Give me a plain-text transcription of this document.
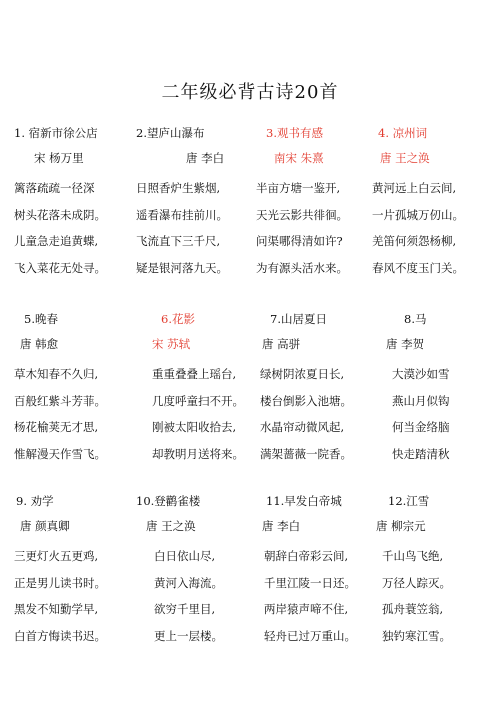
二年级必背古诗20首
1. 宿新市徐公店
宋 杨万里
篱落疏疏一径深
树头花落未成阴。
儿童急走追黄蝶,
飞入菜花无处寻。
2.望庐山瀑布
唐 李白
日照香炉生紫烟,
遥看瀑布挂前川。
飞流直下三千尺,
疑是银河落九天。
3.观书有感
南宋 朱熹
半亩方塘一鉴开,
天光云影共徘徊。
问渠哪得清如许?
为有源头活水来。
4. 凉州词
唐 王之涣
黄河远上白云间,
一片孤城万仞山。
羌笛何须怨杨柳,
春风不度玉门关。
5.晚春
唐 韩愈
草木知春不久归,
百般红紫斗芳菲。
杨花榆荚无才思,
惟解漫天作雪飞。
6.花影
宋 苏轼
重重叠叠上瑶台,
几度呼童扫不开。
刚被太阳收拾去,
却教明月送将来。
7.山居夏日
唐 高骈
绿树阴浓夏日长,
楼台倒影入池塘。
水晶帘动微风起,
满架蔷薇一院香。
8.马
唐 李贺
大漠沙如雪
燕山月似钩
何当金络脑
快走踏清秋
9. 劝学
唐 颜真卿
三更灯火五更鸡,
正是男儿读书时。
黑发不知勤学早,
白首方悔读书迟。
10.登鹳雀楼
唐 王之涣
白日依山尽,
黄河入海流。
欲穷千里目,
更上一层楼。
11.早发白帝城
唐 李白
朝辞白帝彩云间,
千里江陵一日还。
两岸猿声啼不住,
轻舟已过万重山。
12.江雪
唐 柳宗元
千山鸟飞绝,
万径人踪灭。
孤舟蓑笠翁,
独钓寒江雪。
